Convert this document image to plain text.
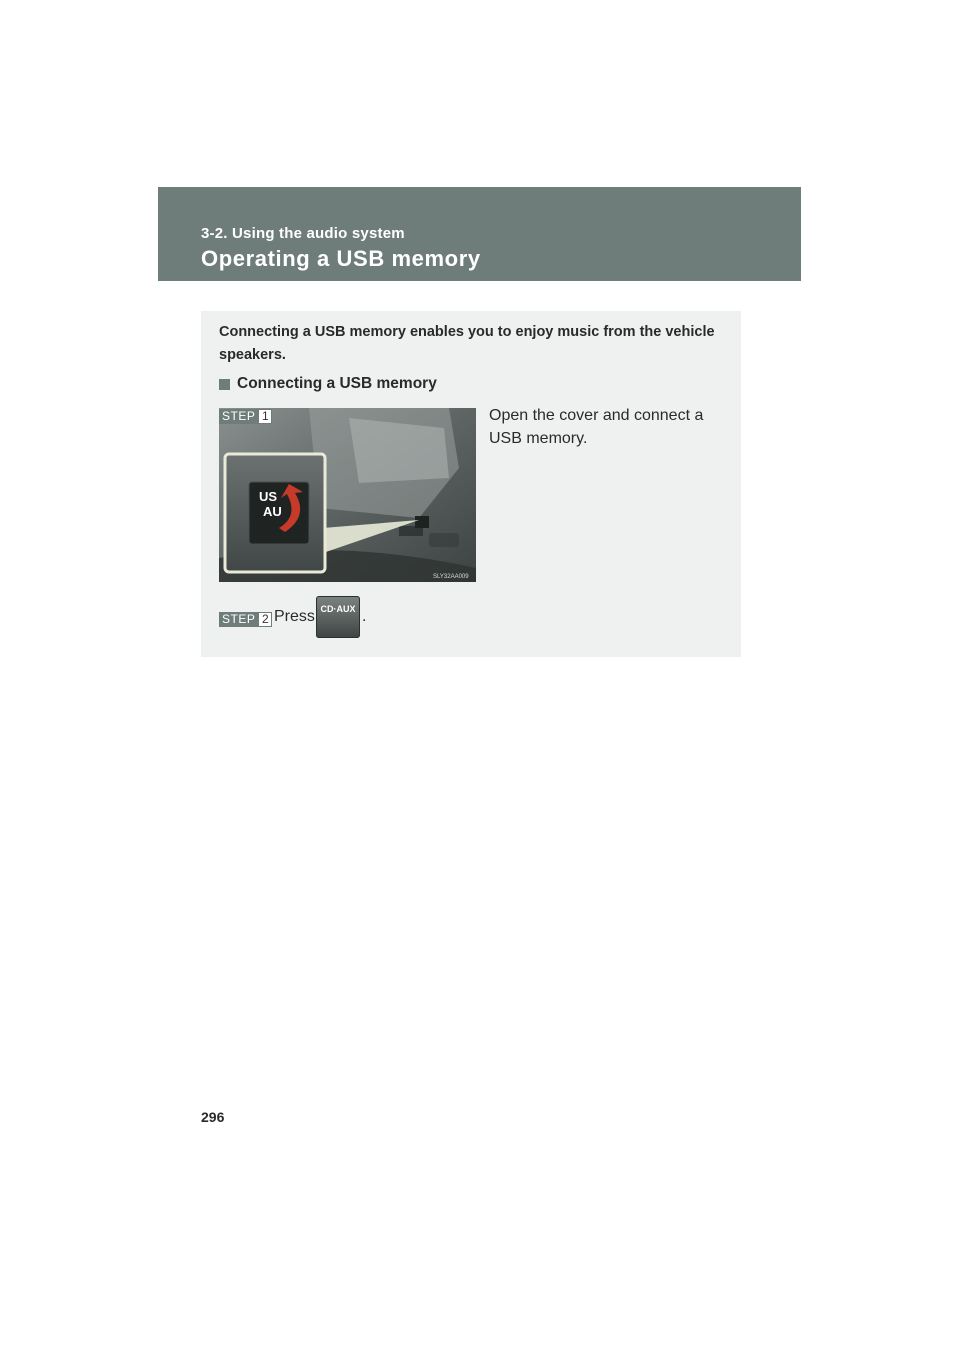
3-2. Using the audio system
Operating a USB memory
Connecting a USB memory enables you to enjoy music from the vehicle speakers.
Connecting a USB memory
US
AU
SLY32AA009
STEP 1	Open the cover and connect a USB memory.
STEP 2 Press CD·AUX .
296
